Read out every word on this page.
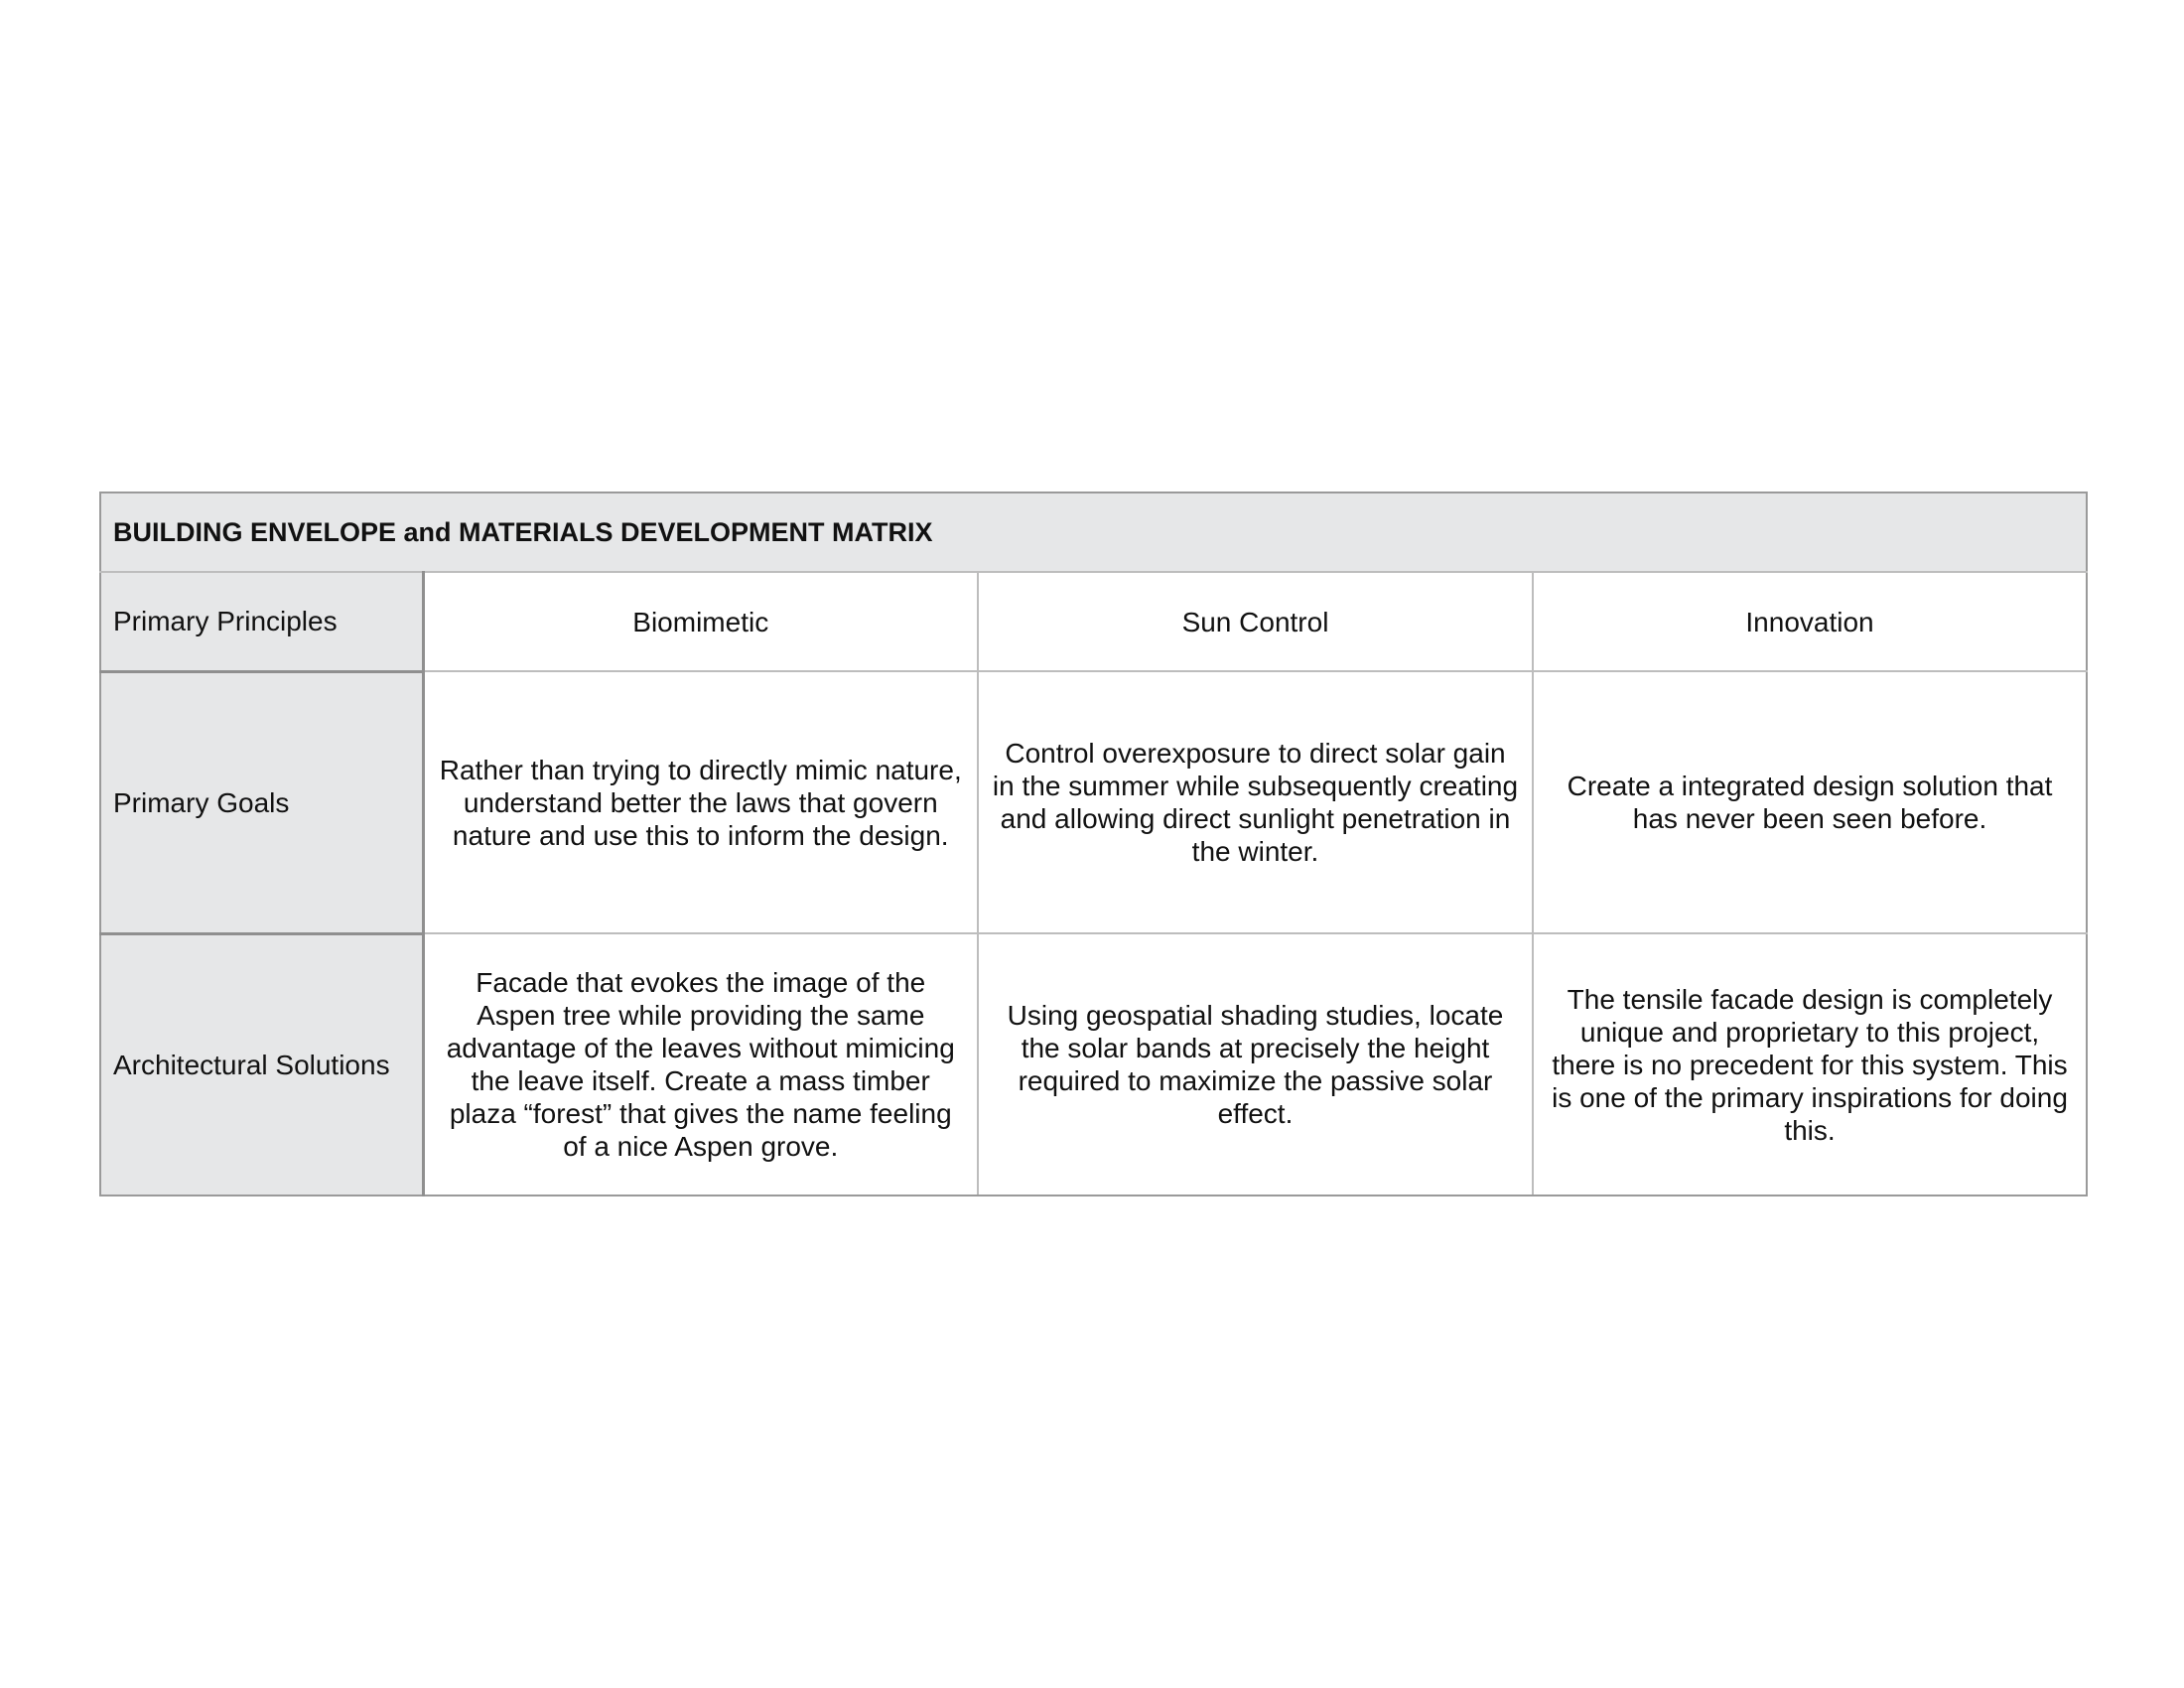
BUILDING ENVELOPE and MATERIALS DEVELOPMENT MATRIX			
Primary Principles	Biomimetic	Sun Control	Innovation
Primary Goals	Rather than trying to directly mimic nature, understand better the laws that govern nature and use this to inform the design.	Control overexposure to direct solar gain in the summer while subsequently creating and allowing direct sunlight penetration in the winter.	Create a integrated design solution that has never been seen before.
Architectural Solutions	Facade that evokes the image of the Aspen tree while providing the same advantage of the leaves without mimicing the leave itself. Create a mass timber plaza “forest” that gives the name feeling of a nice Aspen grove.	Using geospatial shading studies, locate the solar bands at precisely the height required to maximize the passive solar effect.	The tensile facade design is completely unique and proprietary to this project, there is no precedent for this system. This is one of the primary inspirations for doing this.
